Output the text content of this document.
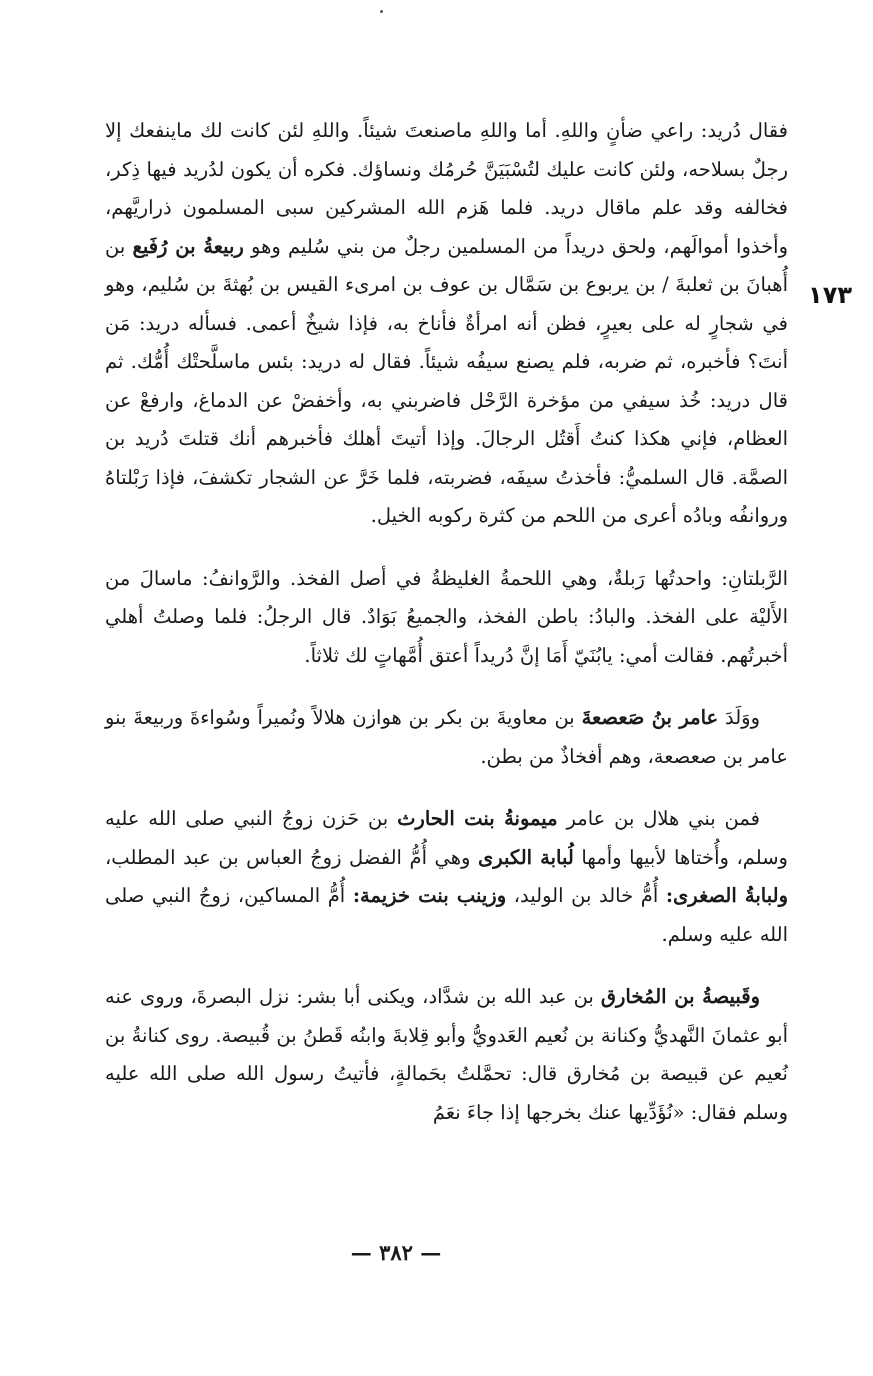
١٧٣

فقال دُريد: راعي ضأنٍ واللهِ. أما واللهِ ماصنعتَ شيئاً. واللهِ لئن كانت لك ماينفعك إلا رجلٌ بسلاحه، ولئن كانت عليك لتُسْبَيَنَّ حُرمُك ونساؤك. فكره أن يكون لدُريد فيها ذِكر، فخالفه وقد علم ماقال دريد. فلما هَزم الله المشركين سبى المسلمون ذراريَّهم، وأخذوا أموالَهم، ولحق دريداً من المسلمين رجلٌ من بني سُليم وهو ربيعةُ بن رُفَيع بن أُهبانَ بن ثعلبةَ / بن يربوع بن سَمَّال بن عوف بن امرىء القيس بن بُهثةَ بن سُليم، وهو في شجارٍ له على بعيرٍ، فظن أنه امرأةٌ فأناخ به، فإذا شيخٌ أعمى. فسأله دريد: مَن أنتَ؟ فأخبره، ثم ضربه، فلم يصنع سيفُه شيئاً. فقال له دريد: بئس ماسلَّحتْك أُمُّك. ثم قال دريد: خُذ سيفي من مؤخرة الرَّحْل فاضربني به، وأخفضْ عن الدماغ، وارفعْ عن العظام، فإني هكذا كنتُ أَقتُل الرجالَ. وإذا أتيتَ أهلك فأخبرهم أنك قتلتَ دُريد بن الصمَّة. قال السلميُّ: فأخذتُ سيفَه، فضربته، فلما خَرَّ عن الشجار تكشفَ، فإذا رَبْلتاهُ وروانفُه وبادُه أعرى من اللحم من كثرة ركوبه الخيل.

الرَّبلتانِ: واحدتُها رَبلةٌ، وهي اللحمةُ الغليظةُ في أصل الفخذ. والرَّوانفُ: ماسالَ من الأَليْة على الفخذ. والبادُ: باطن الفخذ، والجميعُ بَوَادٌ. قال الرجلُ: فلما وصلتُ أهلي أخبرتُهم. فقالت أمي: يابُنَيّ أَمَا إنَّ دُريداً أعتق أُمَّهاتٍ لك ثلاثاً.

ووَلَدَ عامر بنُ صَعصعةَ بن معاويةَ بن بكر بن هوازن هلالاً ونُميراً وسُواءةَ وربيعةَ بنو عامر بن صعصعة، وهم أفخاذٌ من بطن.

فمن بني هلال بن عامر ميمونةُ بنت الحارث بن حَزن زوجُ النبي صلى الله عليه وسلم، وأُختاها لأبيها وأمها لُبابة الكبرى وهي أُمُّ الفضل زوجُ العباس بن عبد المطلب، ولبابةُ الصغرى: أُمُّ خالد بن الوليد، وزينب بنت خزيمة: أُمُّ المساكين، زوجُ النبي صلى الله عليه وسلم.

وقَبيصةُ بن المُخارق بن عبد الله بن شدَّاد، ويكنى أبا بشر: نزل البصرةَ، وروى عنه أبو عثمانَ النَّهديُّ وكنانة بن نُعيم العَدويُّ وأبو قِلابةَ وابنُه قَطنُ بن قُبيصة. روى كنانةُ بن نُعيم عن قبيصة بن مُخارق قال: تحمَّلتُ بحَمالةٍ، فأتيتُ رسول الله صلى الله عليه وسلم فقال: «نُؤَدِّيها عنك بخرجها إذا جاءَ نعَمُ

— ٣٨٢ —
